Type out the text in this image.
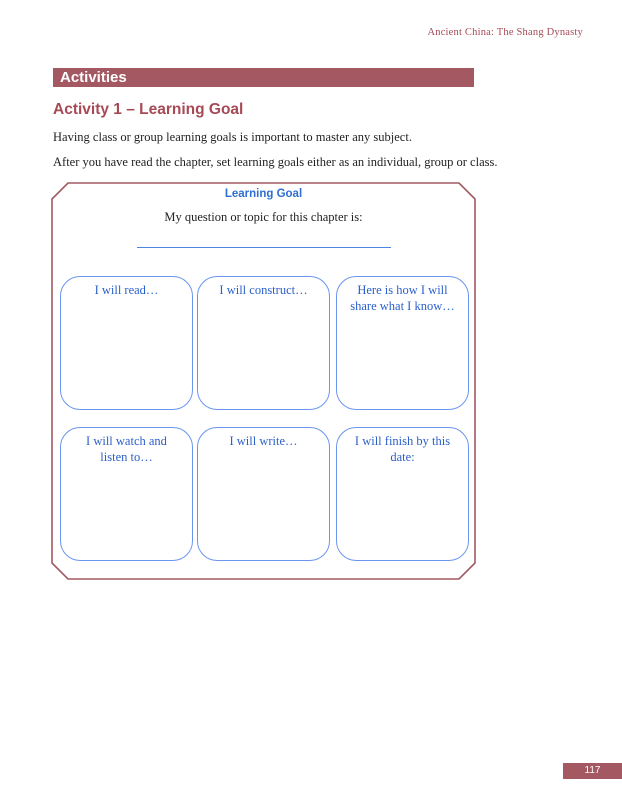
Ancient China: The Shang Dynasty
Activities
Activity 1 – Learning Goal
Having class or group learning goals is important to master any subject.
After you have read the chapter, set learning goals either as an individual, group or class.
Learning Goal
My question or topic for this chapter is:
I will read…	I will construct…	Here is how I will share what I know…
I will watch and listen to…
I will write…	I will finish by this date:
117
